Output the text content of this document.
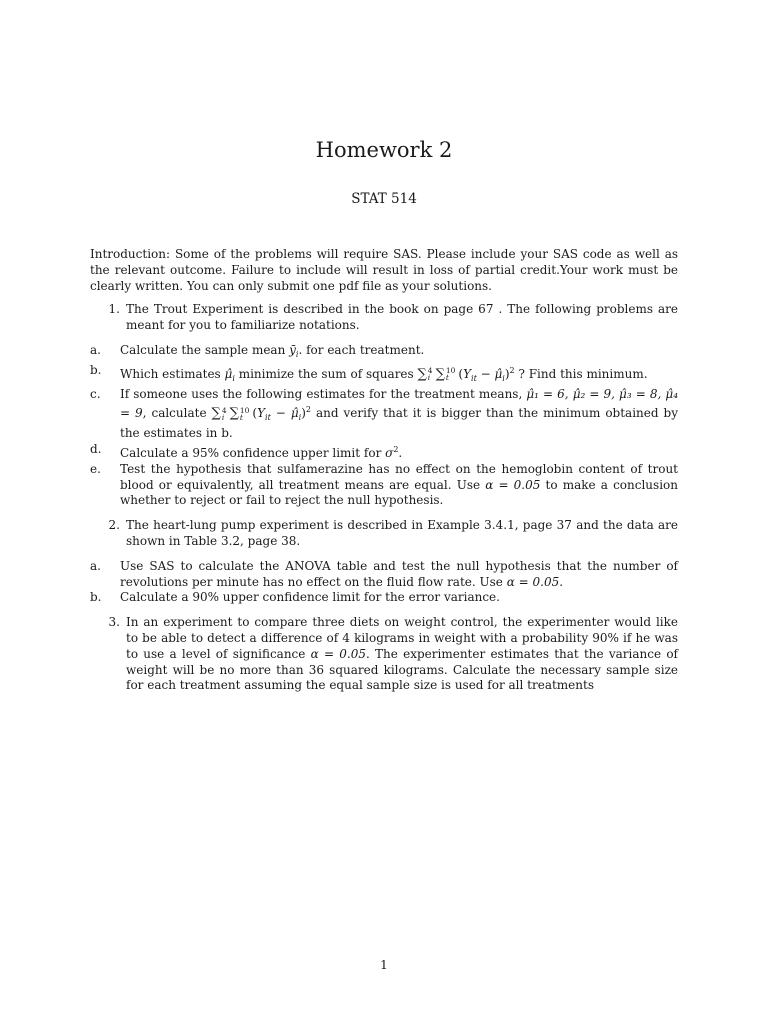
Homework 2
STAT 514

Introduction: Some of the problems will require SAS. Please include your SAS code as well as the relevant outcome. Failure to include will result in loss of partial credit.Your work must be clearly written. You can only submit one pdf file as your solutions.

1. The Trout Experiment is described in the book on page 67 . The following problems are meant for you to familiarize notations.
a.	Calculate the sample mean $ȳ_i$. for each treatment.
b.	Which estimates $\mû_i$ minimize the sum of squares ∑ 4
i ∑ 10
t ($Y_{it}$ − $\mû_i)^2$ ? Find this minimum.
c.	If someone uses the following estimates for the treatment means, μ̂₁ = 6, μ̂₂ = 9, μ̂₃ = 8, μ̂₄ = 9, calculate ∑ 4
i ∑ 10
t ($Y_{it}$ − $\mû_i)^2$ and verify that it is bigger than the minimum obtained by the estimates in b.
d.	Calculate a 95% confidence upper limit for $\sigma^2$.
e.	Test the hypothesis that sulfamerazine has no effect on the hemoglobin content of trout blood or equivalently, all treatment means are equal. Use α = 0.05 to make a conclusion whether to reject or fail to reject the null hypothesis.
2. The heart-lung pump experiment is described in Example 3.4.1, page 37 and the data are shown in Table 3.2, page 38.
a.	Use SAS to calculate the ANOVA table and test the null hypothesis that the number of revolutions per minute has no effect on the fluid flow rate. Use α = 0.05.
b.	Calculate a 90% upper confidence limit for the error variance.
3. In an experiment to compare three diets on weight control, the experimenter would like to be able to detect a difference of 4 kilograms in weight with a probability 90% if he was to use a level of significance α = 0.05. The experimenter estimates that the variance of weight will be no more than 36 squared kilograms. Calculate the necessary sample size for each treatment assuming the equal sample size is used for all treatments
1
